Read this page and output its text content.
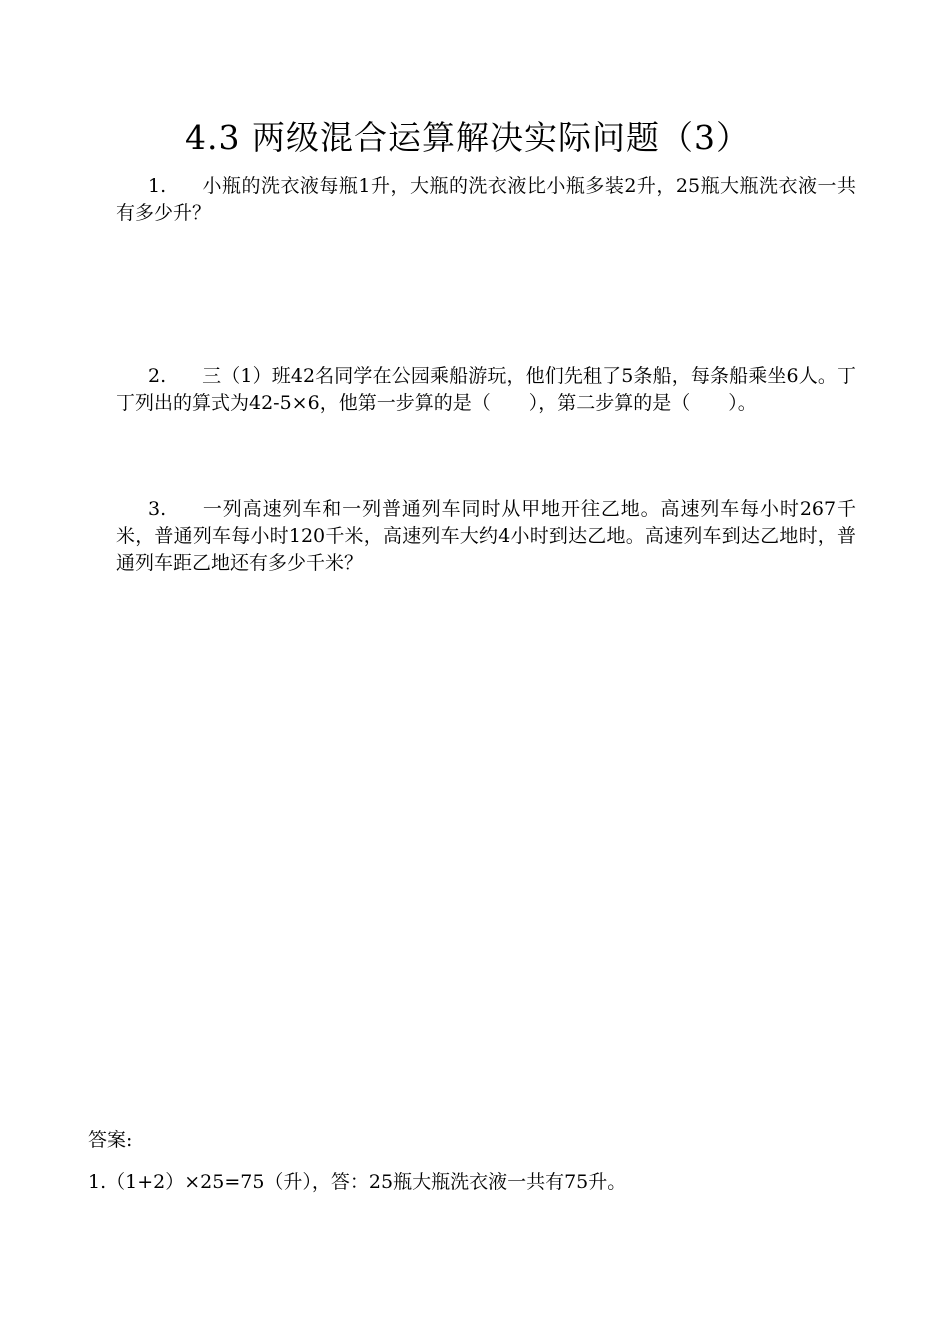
4.3 两级混合运算解决实际问题（3）
1. 小瓶的洗衣液每瓶1升，大瓶的洗衣液比小瓶多装2升，25瓶大瓶洗衣液一共有多少升？
2. 三（1）班42名同学在公园乘船游玩，他们先租了5条船，每条船乘坐6人。丁丁列出的算式为42-5×6，他第一步算的是（　　），第二步算的是（　　）。
3. 一列高速列车和一列普通列车同时从甲地开往乙地。高速列车每小时267千米，普通列车每小时120千米，高速列车大约4小时到达乙地。高速列车到达乙地时，普通列车距乙地还有多少千米？
答案:
1.（1+2）×25=75（升），答：25瓶大瓶洗衣液一共有75升。
